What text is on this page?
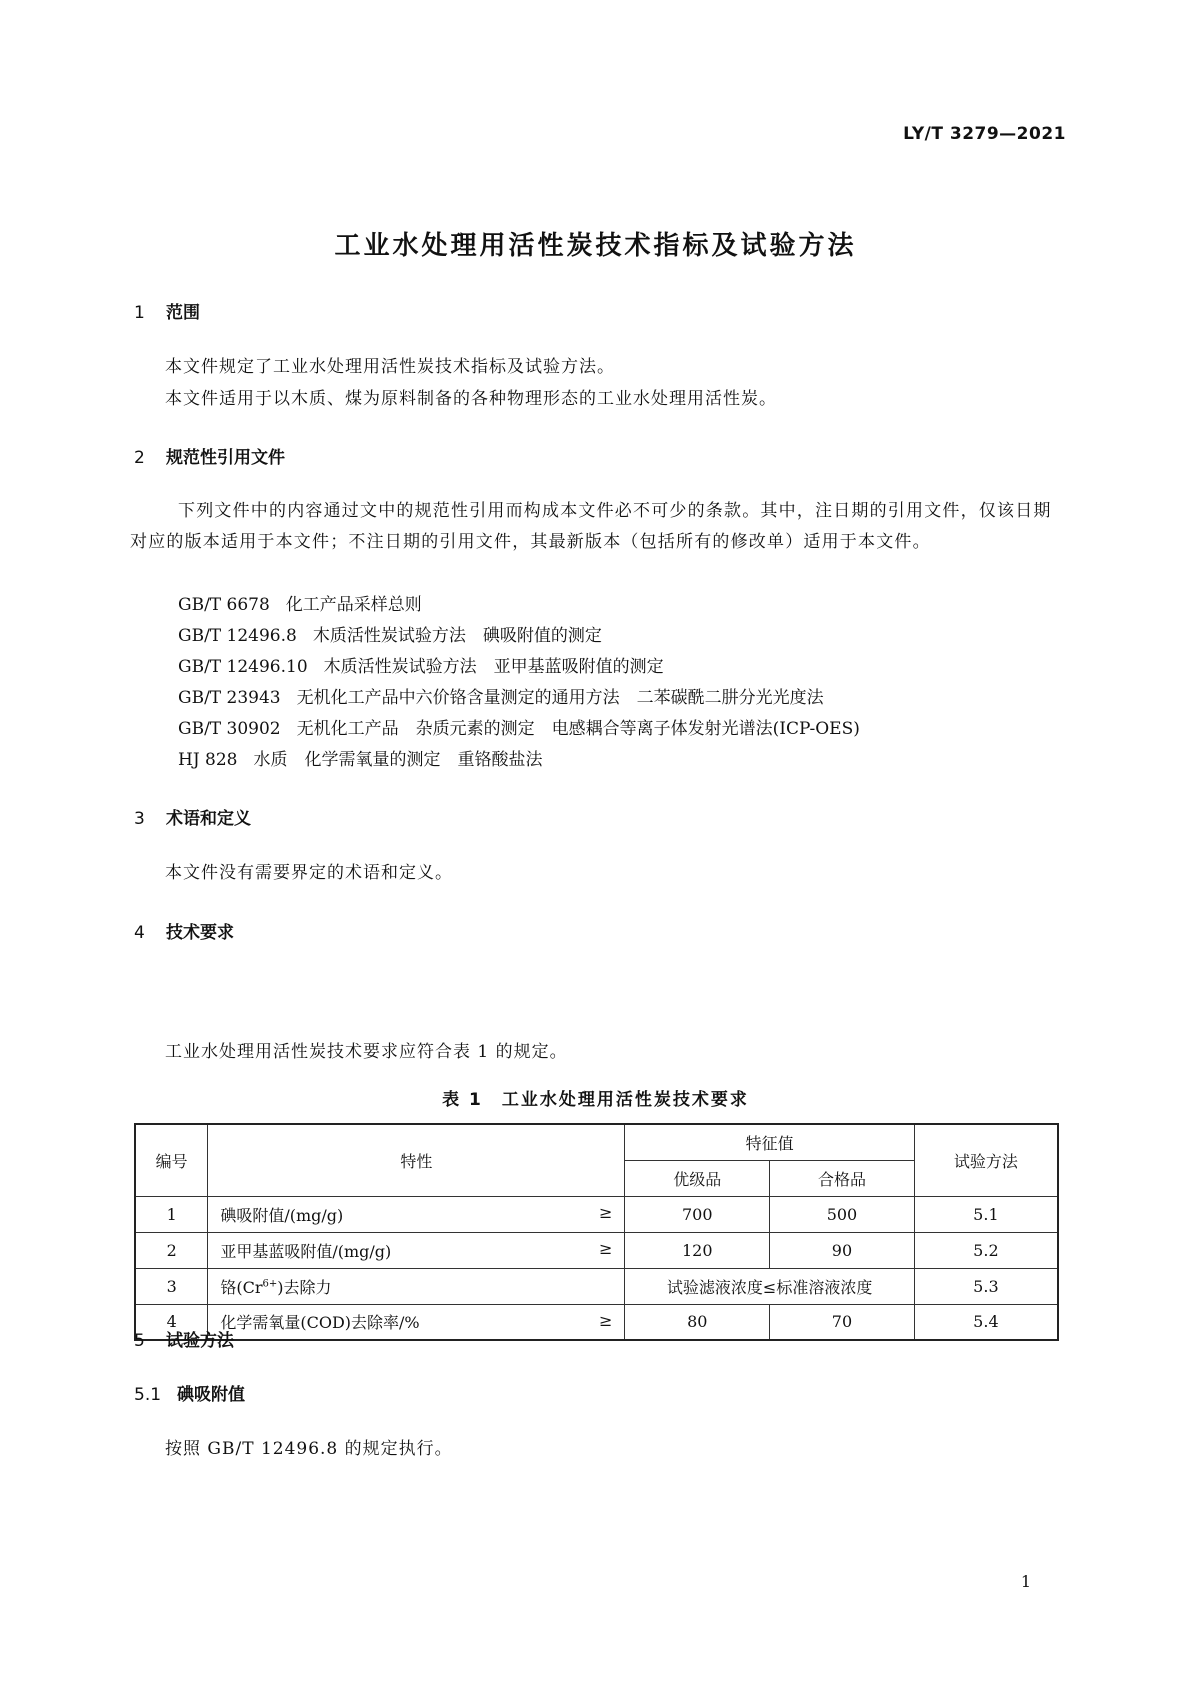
LY/T 3279—2021
工业水处理用活性炭技术指标及试验方法
1 范围
本文件规定了工业水处理用活性炭技术指标及试验方法。
本文件适用于以木质、煤为原料制备的各种物理形态的工业水处理用活性炭。
2 规范性引用文件
下列文件中的内容通过文中的规范性引用而构成本文件必不可少的条款。其中，注日期的引用文件，仅该日期对应的版本适用于本文件；不注日期的引用文件，其最新版本（包括所有的修改单）适用于本文件。
GB/T 6678 化工产品采样总则
GB/T 12496.8 木质活性炭试验方法　碘吸附值的测定
GB/T 12496.10 木质活性炭试验方法　亚甲基蓝吸附值的测定
GB/T 23943 无机化工产品中六价铬含量测定的通用方法　二苯碳酰二肼分光光度法
GB/T 30902 无机化工产品　杂质元素的测定　电感耦合等离子体发射光谱法(ICP-OES)
HJ 828 水质　化学需氧量的测定　重铬酸盐法
3 术语和定义
本文件没有需要界定的术语和定义。
4 技术要求
工业水处理用活性炭技术要求应符合表 1 的规定。
表 1　工业水处理用活性炭技术要求
编号	特性	特征值		试验方法
		优级品	合格品	
1	碘吸附值/(mg/g) ≥	700	500	5.1
2	亚甲基蓝吸附值/(mg/g) ≥	120	90	5.2
3	铬$(Cr^{6+})$去除力	试验滤液浓度≤标准溶液浓度		5.3
4	化学需氧量(COD)去除率/% ≥	80	70	5.4
5 试验方法
5.1 碘吸附值
按照 GB/T 12496.8 的规定执行。
1
